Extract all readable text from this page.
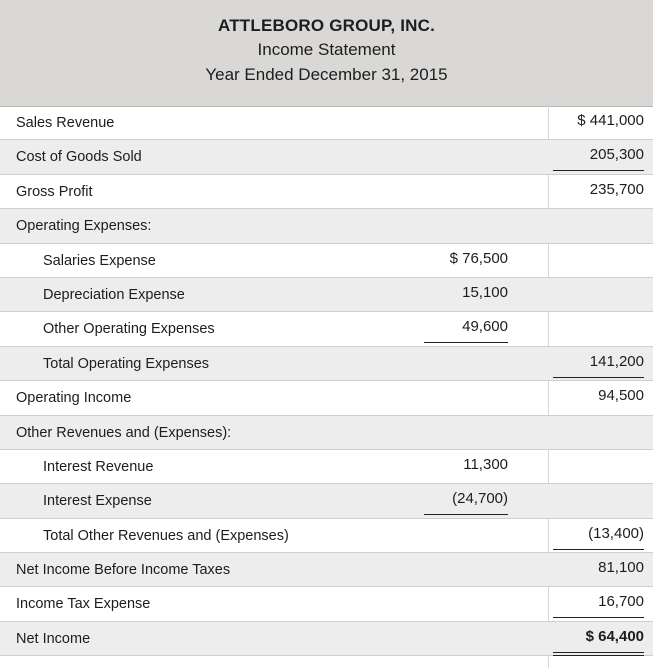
ATTLEBORO GROUP, INC.
Income Statement
Year Ended December 31, 2015
Sales Revenue	$ 441,000
Cost of Goods Sold	205,300
Gross Profit	235,700
Operating Expenses:
Salaries Expense	$ 76,500
Depreciation Expense	15,100
Other Operating Expenses	49,600
Total Operating Expenses	141,200
Operating Income	94,500
Other Revenues and (Expenses):
Interest Revenue	11,300
Interest Expense	(24,700)
Total Other Revenues and (Expenses)	(13,400)
Net Income Before Income Taxes	81,100
Income Tax Expense	16,700
Net Income	$ 64,400
